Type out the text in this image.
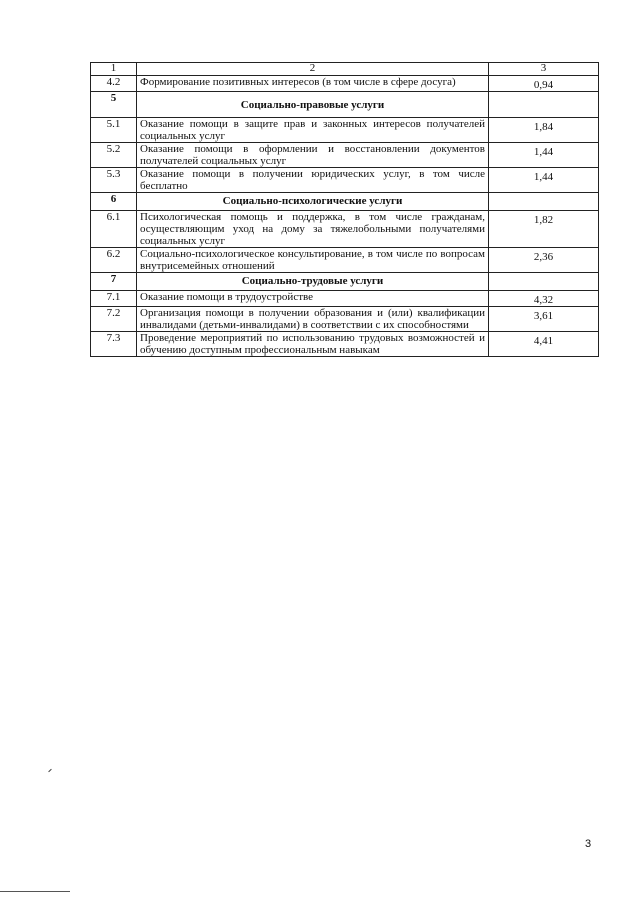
1	2	3
4.2	Формирование позитивных интересов (в том числе в сфере досуга)	0,94
5	Социально-правовые услуги	
5.1	Оказание помощи в защите прав и законных интересов получателей социальных услуг	1,84
5.2	Оказание помощи в оформлении и восстановлении документов получателей социальных услуг	1,44
5.3	Оказание помощи в получении юридических услуг, в том числе бесплатно	1,44
6	Социально-психологические услуги	
6.1	Психологическая помощь и поддержка, в том числе гражданам, осуществляющим уход на дому за тяжелобольными получателями социальных услуг	1,82
6.2	Социально-психологическое консультирование, в том числе по вопросам внутрисемейных отношений	2,36
7	Социально-трудовые услуги	
7.1	Оказание помощи в трудоустройстве	4,32
7.2	Организация помощи в получении образования и (или) квалификации инвалидами (детьми-инвалидами) в соответствии с их способностями	3,61
7.3	Проведение мероприятий по использованию трудовых возможностей и обучению доступным профессиональным навыкам	4,41
3
